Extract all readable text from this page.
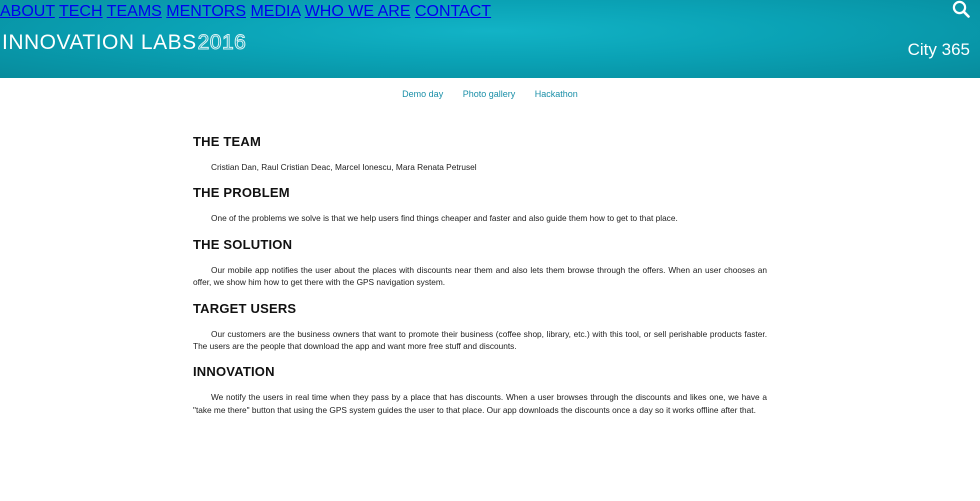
ABOUT TECH TEAMS MENTORS MEDIA WHO WE ARE CONTACT
INNOVATION LABS 2016	City 365
Demo day Photo gallery Hackathon
THE TEAM

Cristian Dan, Raul Cristian Deac, Marcel Ionescu, Mara Renata Petrusel

THE PROBLEM

One of the problems we solve is that we help users find things cheaper and faster and also guide them how to get to that place.

THE SOLUTION

Our mobile app notifies the user about the places with discounts near them and also lets them browse through the offers. When an user chooses an offer, we show him how to get there with the GPS navigation system.

TARGET USERS

Our customers are the business owners that want to promote their business (coffee shop, library, etc.) with this tool, or sell perishable products faster. The users are the people that download the app and want more free stuff and discounts.

INNOVATION

We notify the users in real time when they pass by a place that has discounts. When a user browses through the discounts and likes one, we have a "take me there" button that using the GPS system guides the user to that place. Our app downloads the discounts once a day so it works offline after that.
